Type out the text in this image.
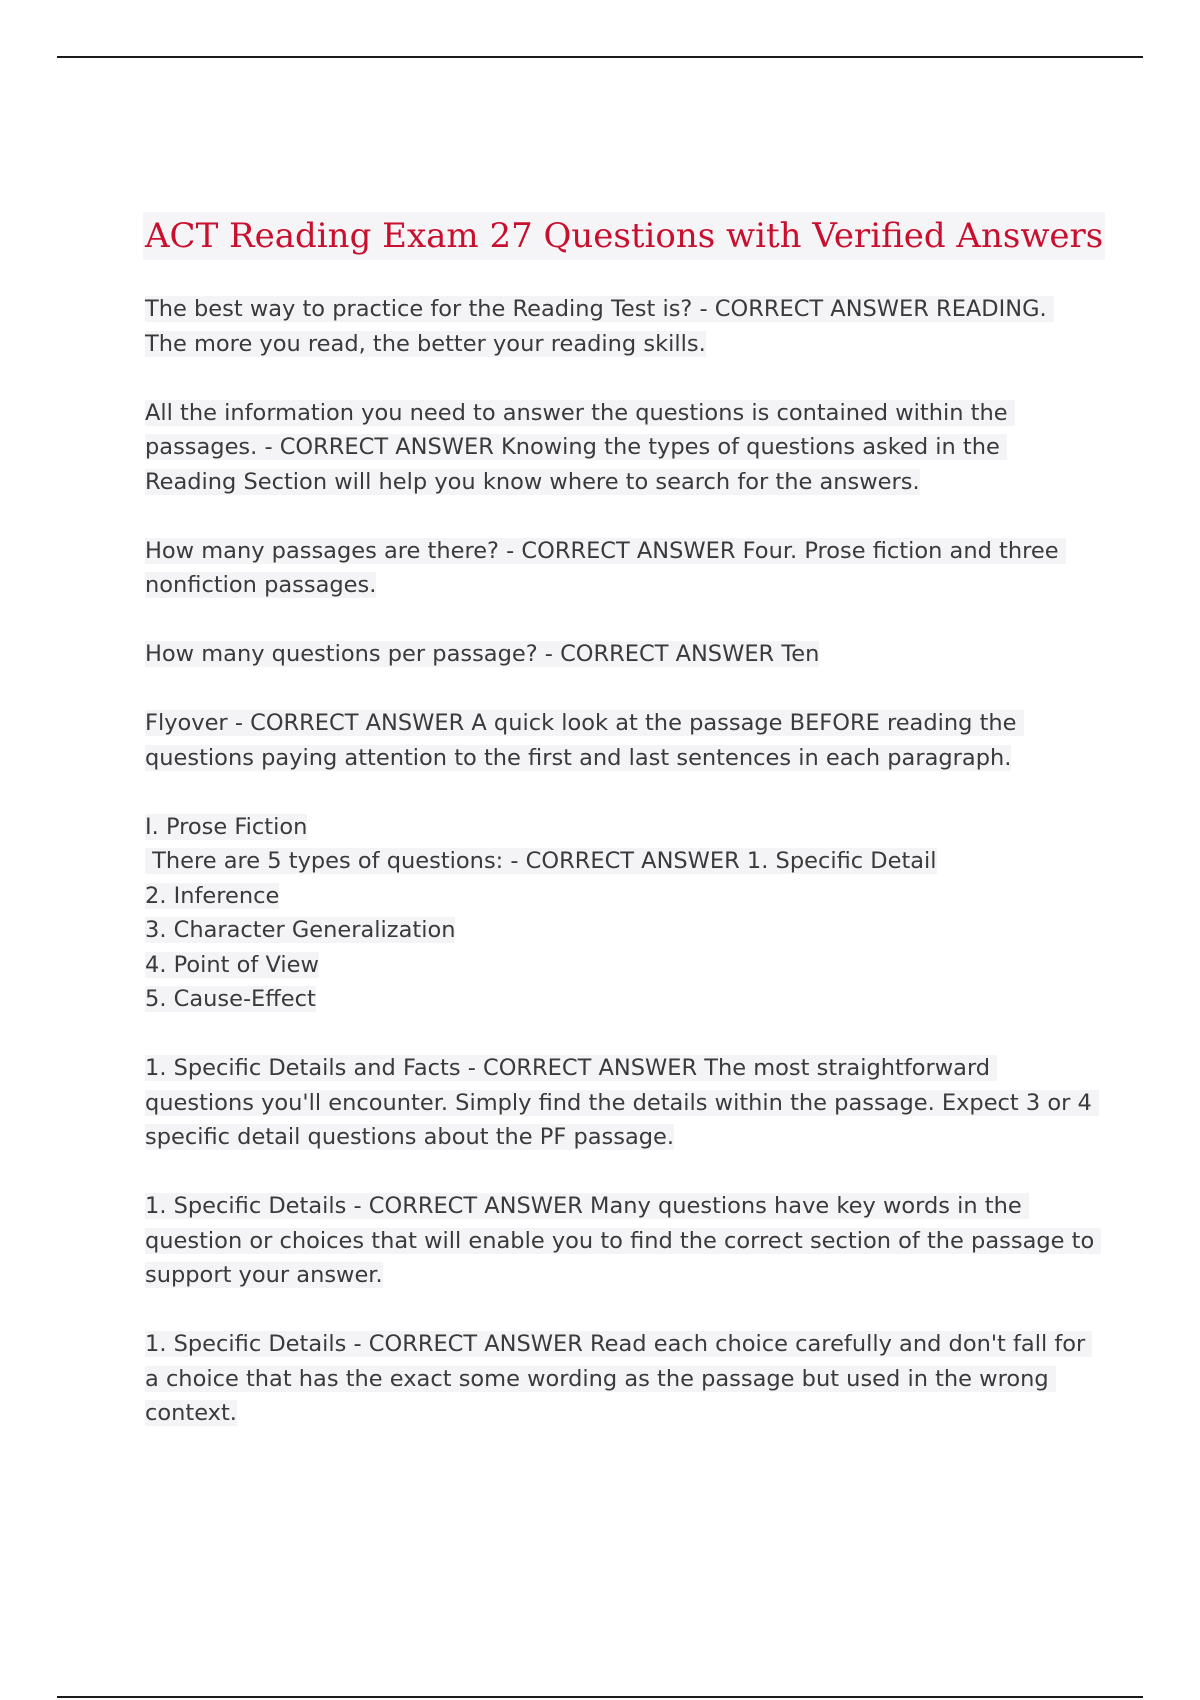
ACT Reading Exam 27 Questions with Verified Answers

The best way to practice for the Reading Test is? - CORRECT ANSWER READING. The more you read, the better your reading skills.

All the information you need to answer the questions is contained within the passages. - CORRECT ANSWER Knowing the types of questions asked in the Reading Section will help you know where to search for the answers.

How many passages are there? - CORRECT ANSWER Four. Prose fiction and three nonfiction passages.

How many questions per passage? - CORRECT ANSWER Ten

Flyover - CORRECT ANSWER A quick look at the passage BEFORE reading the questions paying attention to the first and last sentences in each paragraph.

I. Prose Fiction
There are 5 types of questions: - CORRECT ANSWER 1. Specific Detail
2. Inference
3. Character Generalization
4. Point of View
5. Cause-Effect

1. Specific Details and Facts - CORRECT ANSWER The most straightforward questions you'll encounter. Simply find the details within the passage. Expect 3 or 4 specific detail questions about the PF passage.

1. Specific Details - CORRECT ANSWER Many questions have key words in the question or choices that will enable you to find the correct section of the passage to support your answer.

1. Specific Details - CORRECT ANSWER Read each choice carefully and don't fall for a choice that has the exact some wording as the passage but used in the wrong context.
